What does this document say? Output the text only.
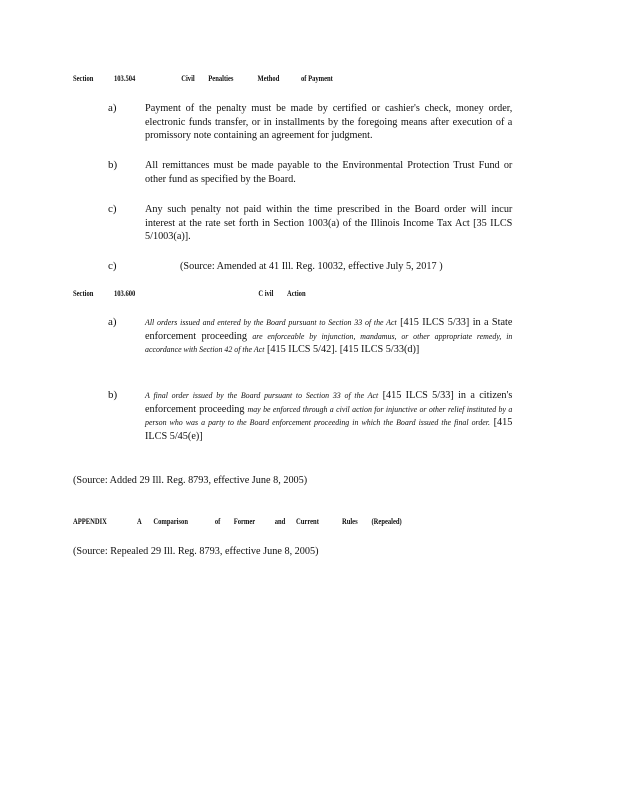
Section	103.504	Civil Penalties	Method	of Payment
a)	Payment of the penalty must be made by certified or cashier's check, money order, electronic funds transfer, or in installments by the foregoing means after execution of a promissory note containing an agreement for judgment.
b)	All remittances must be made payable to the Environmental Protection Trust Fund or other fund as specified by the Board.
c)	Any such penalty not paid within the time prescribed in the Board order will incur interest at the rate set forth in Section 1003(a) of the Illinois Income Tax Act [35 ILCS 5/1003(a)].
c)	(Source: Amended at 41 Ill. Reg. 10032, effective July 5, 2017 )
Section	103.600	C ivil Action
a)	All orders issued and entered by the Board pursuant to Section 33 of the Act [415 ILCS 5/33] in a State enforcement proceeding are enforceable by injunction, mandamus, or other appropriate remedy, in accordance with Section 42 of the Act [415 ILCS 5/42]. [415 ILCS 5/33(d)]
b)	A final order issued by the Board pursuant to Section 33 of the Act [415 ILCS 5/33] in a citizen's enforcement proceeding may be enforced through a civil action for injunctive or other relief instituted by a person who was a party to the Board enforcement proceeding in which the Board issued the final order. [415 ILCS 5/45(e)]
(Source: Added 29 Ill. Reg. 8793, effective June 8, 2005)
APPENDIX	A Comparison	of Former and Current	Rules (Repealed)
(Source: Repealed 29 Ill. Reg. 8793, effective June 8, 2005)
